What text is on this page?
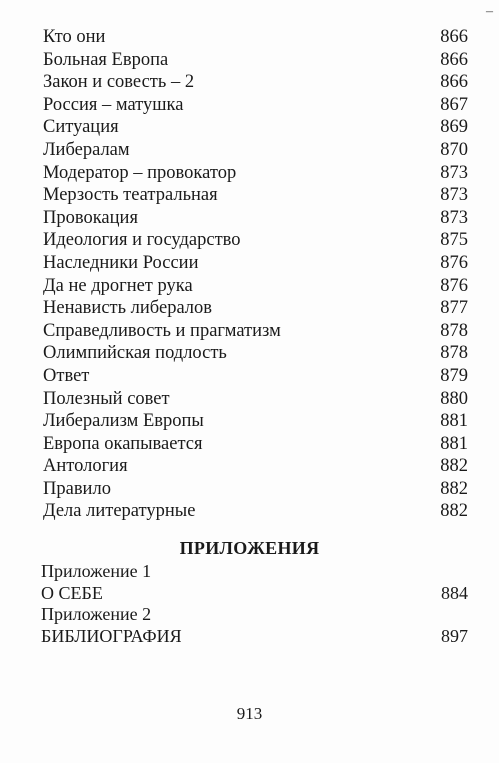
–
Кто они	866
Больная Европа	866
Закон и совесть – 2	866
Россия – матушка	867
Ситуация	869
Либералам	870
Модератор – провокатор	873
Мерзость театральная	873
Провокация	873
Идеология и государство	875
Наследники России	876
Да не дрогнет рука	876
Ненависть либералов	877
Справедливость и прагматизм	878
Олимпийская подлость	878
Ответ	879
Полезный совет	880
Либерализм Европы	881
Европа окапывается	881
Антология	882
Правило	882
Дела литературные	882
ПРИЛОЖЕНИЯ
Приложение 1
О СЕБЕ	884
Приложение 2
БИБЛИОГРАФИЯ	897
913
